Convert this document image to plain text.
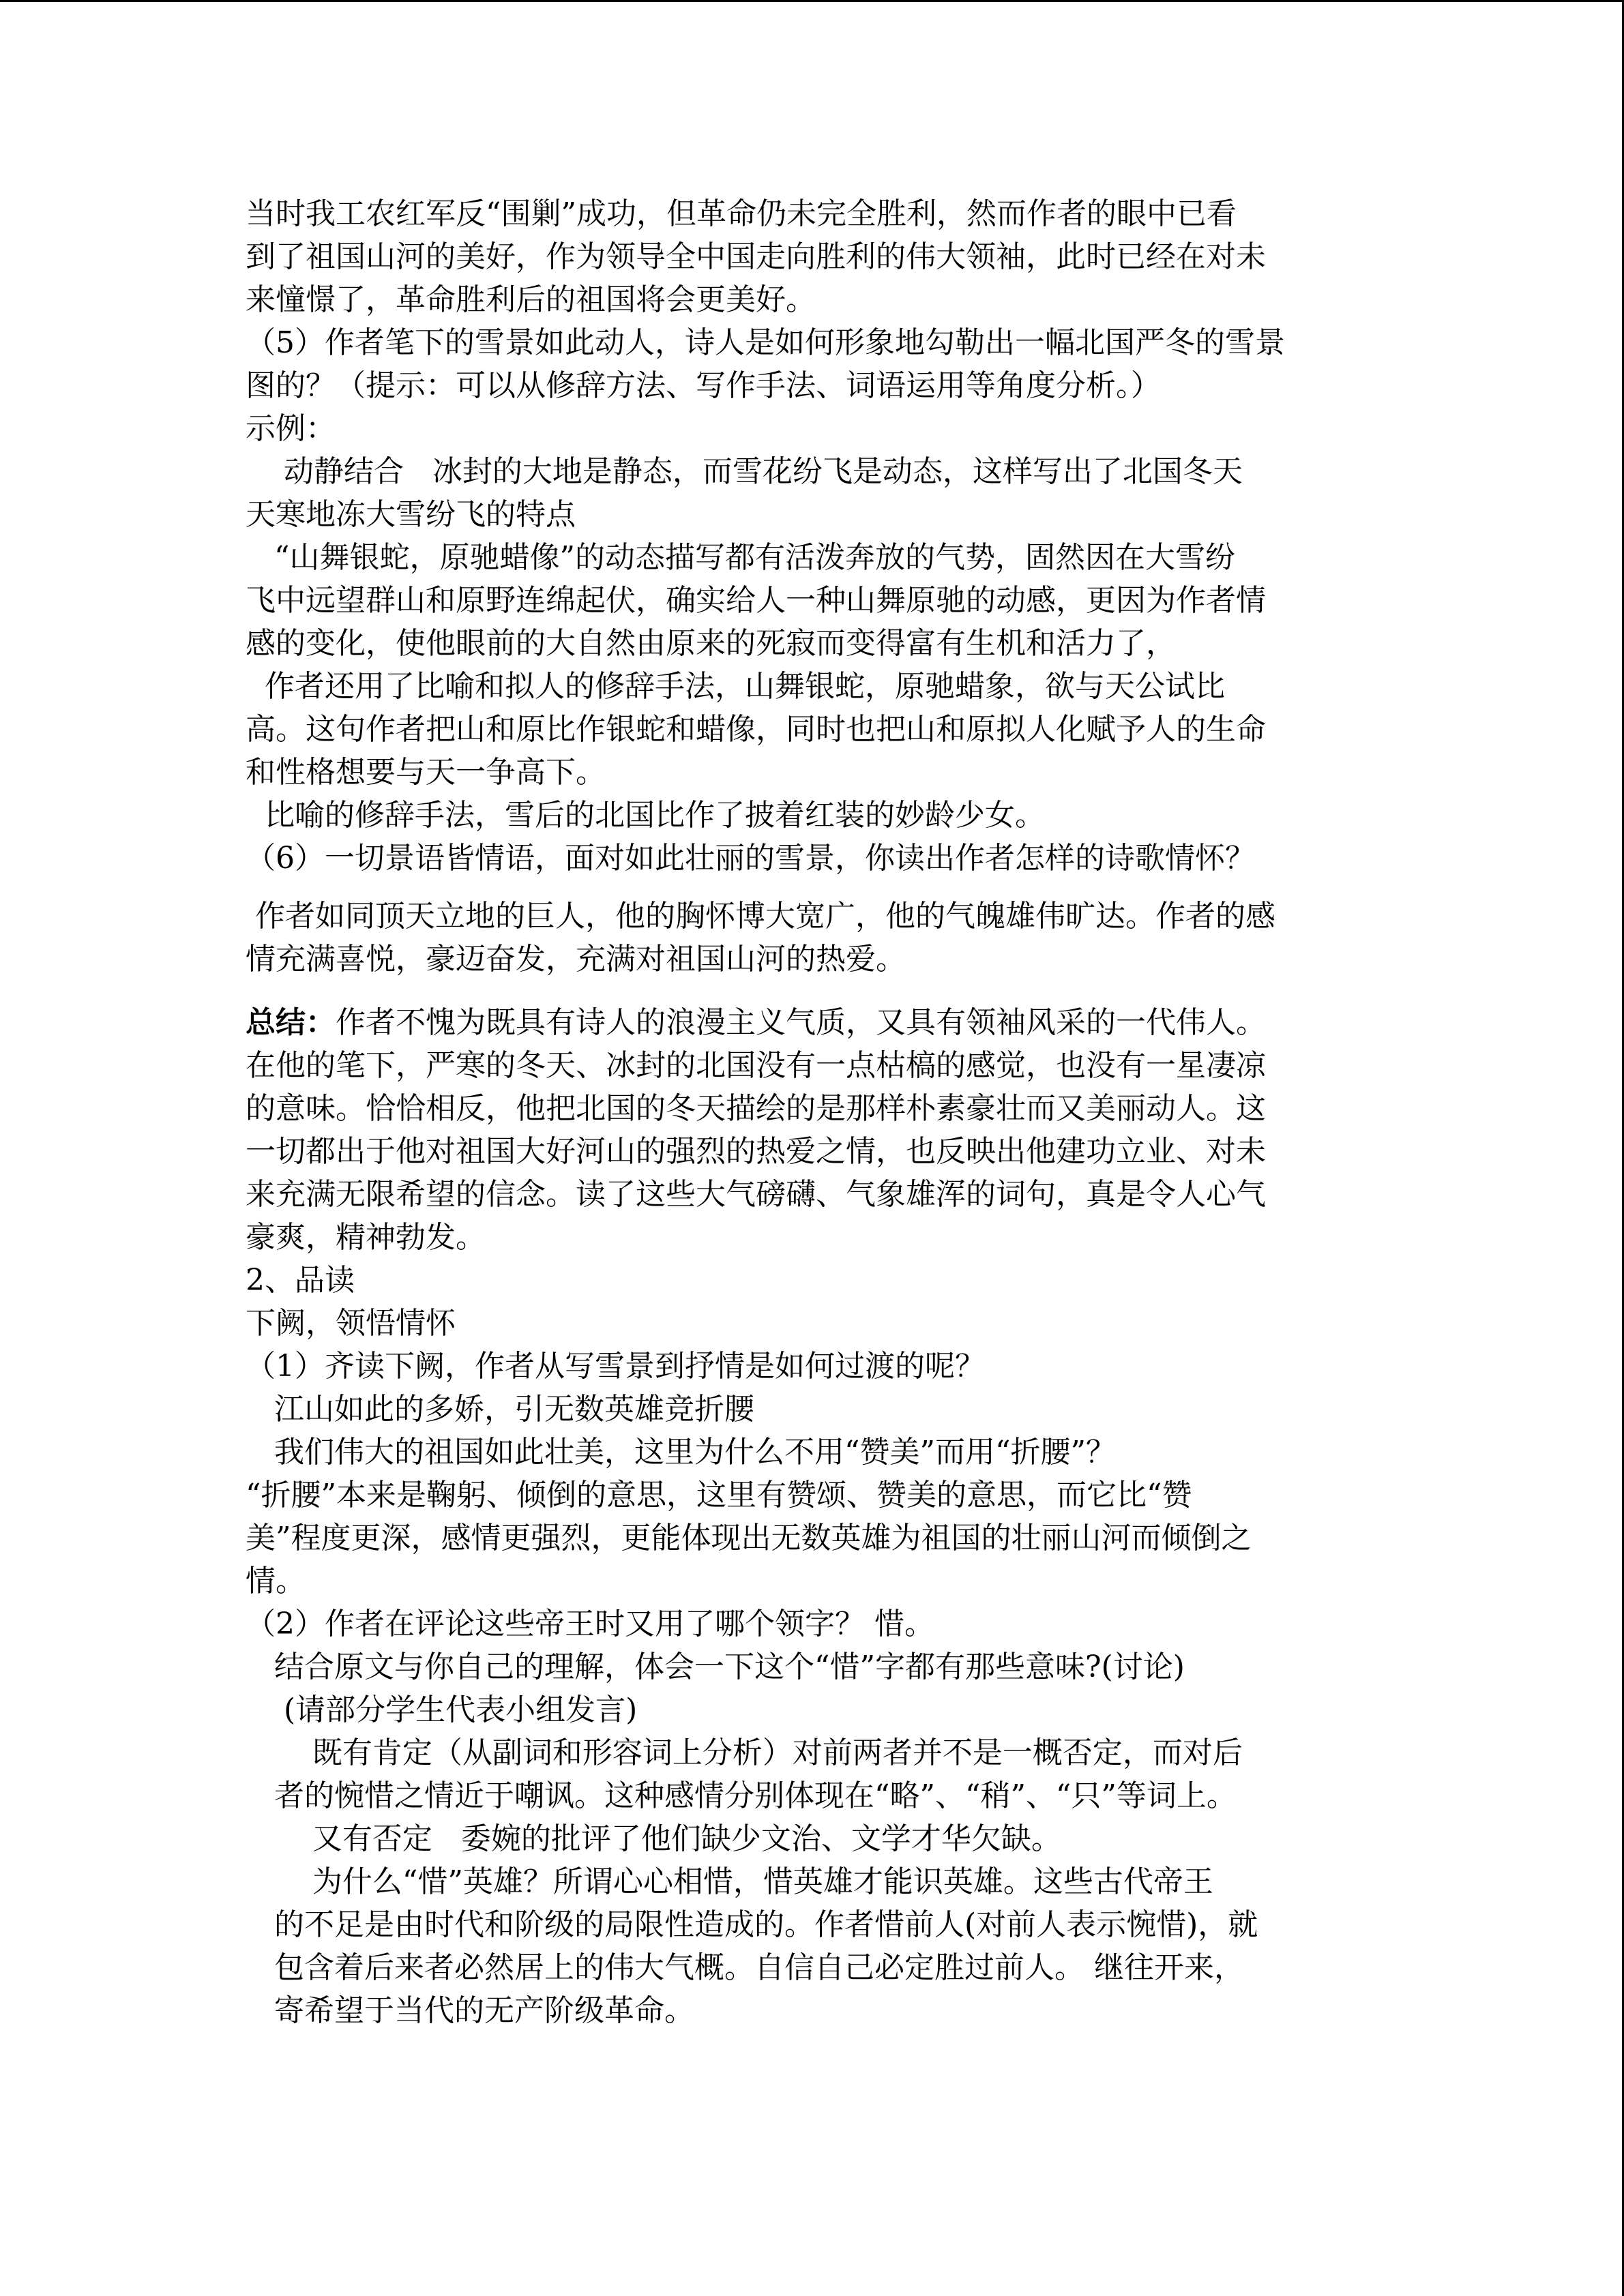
当时我工农红军反“围剿”成功，但革命仍未完全胜利，然而作者的眼中已看
到了祖国山河的美好，作为领导全中国走向胜利的伟大领袖，此时已经在对未
来憧憬了，革命胜利后的祖国将会更美好。
（5）作者笔下的雪景如此动人，诗人是如何形象地勾勒出一幅北国严冬的雪景
图的？（提示：可以从修辞方法、写作手法、词语运用等角度分析。）
示例：
动静结合   冰封的大地是静态，而雪花纷飞是动态，这样写出了北国冬天
天寒地冻大雪纷飞的特点
“山舞银蛇，原驰蜡像”的动态描写都有活泼奔放的气势，固然因在大雪纷
飞中远望群山和原野连绵起伏，确实给人一种山舞原驰的动感，更因为作者情
感的变化，使他眼前的大自然由原来的死寂而变得富有生机和活力了，
作者还用了比喻和拟人的修辞手法，山舞银蛇，原驰蜡象，欲与天公试比
高。这句作者把山和原比作银蛇和蜡像，同时也把山和原拟人化赋予人的生命
和性格想要与天一争高下。
比喻的修辞手法，雪后的北国比作了披着红装的妙龄少女。
（6）一切景语皆情语，面对如此壮丽的雪景，你读出作者怎样的诗歌情怀？
作者如同顶天立地的巨人，他的胸怀博大宽广，他的气魄雄伟旷达。作者的感
情充满喜悦，豪迈奋发，充满对祖国山河的热爱。
总结：作者不愧为既具有诗人的浪漫主义气质，又具有领袖风采的一代伟人。
在他的笔下，严寒的冬天、冰封的北国没有一点枯槁的感觉，也没有一星凄凉
的意味。恰恰相反，他把北国的冬天描绘的是那样朴素豪壮而又美丽动人。这
一切都出于他对祖国大好河山的强烈的热爱之情，也反映出他建功立业、对未
来充满无限希望的信念。读了这些大气磅礴、气象雄浑的词句，真是令人心气
豪爽，精神勃发。
2、品读
下阙，领悟情怀
（1）齐读下阙，作者从写雪景到抒情是如何过渡的呢？
江山如此的多娇，引无数英雄竞折腰
我们伟大的祖国如此壮美，这里为什么不用“赞美”而用“折腰”？
“折腰”本来是鞠躬、倾倒的意思，这里有赞颂、赞美的意思，而它比“赞
美”程度更深，感情更强烈，更能体现出无数英雄为祖国的壮丽山河而倾倒之
情。
（2）作者在评论这些帝王时又用了哪个领字？ 惜。
结合原文与你自己的理解，体会一下这个“惜”字都有那些意味?(讨论)
(请部分学生代表小组发言)
既有肯定（从副词和形容词上分析）对前两者并不是一概否定，而对后
者的惋惜之情近于嘲讽。这种感情分别体现在“略”、“稍”、“只”等词上。
又有否定   委婉的批评了他们缺少文治、文学才华欠缺。
为什么“惜”英雄？所谓心心相惜，惜英雄才能识英雄。这些古代帝王
的不足是由时代和阶级的局限性造成的。作者惜前人(对前人表示惋惜)，就
包含着后来者必然居上的伟大气概。自信自己必定胜过前人。 继往开来，
寄希望于当代的无产阶级革命。
